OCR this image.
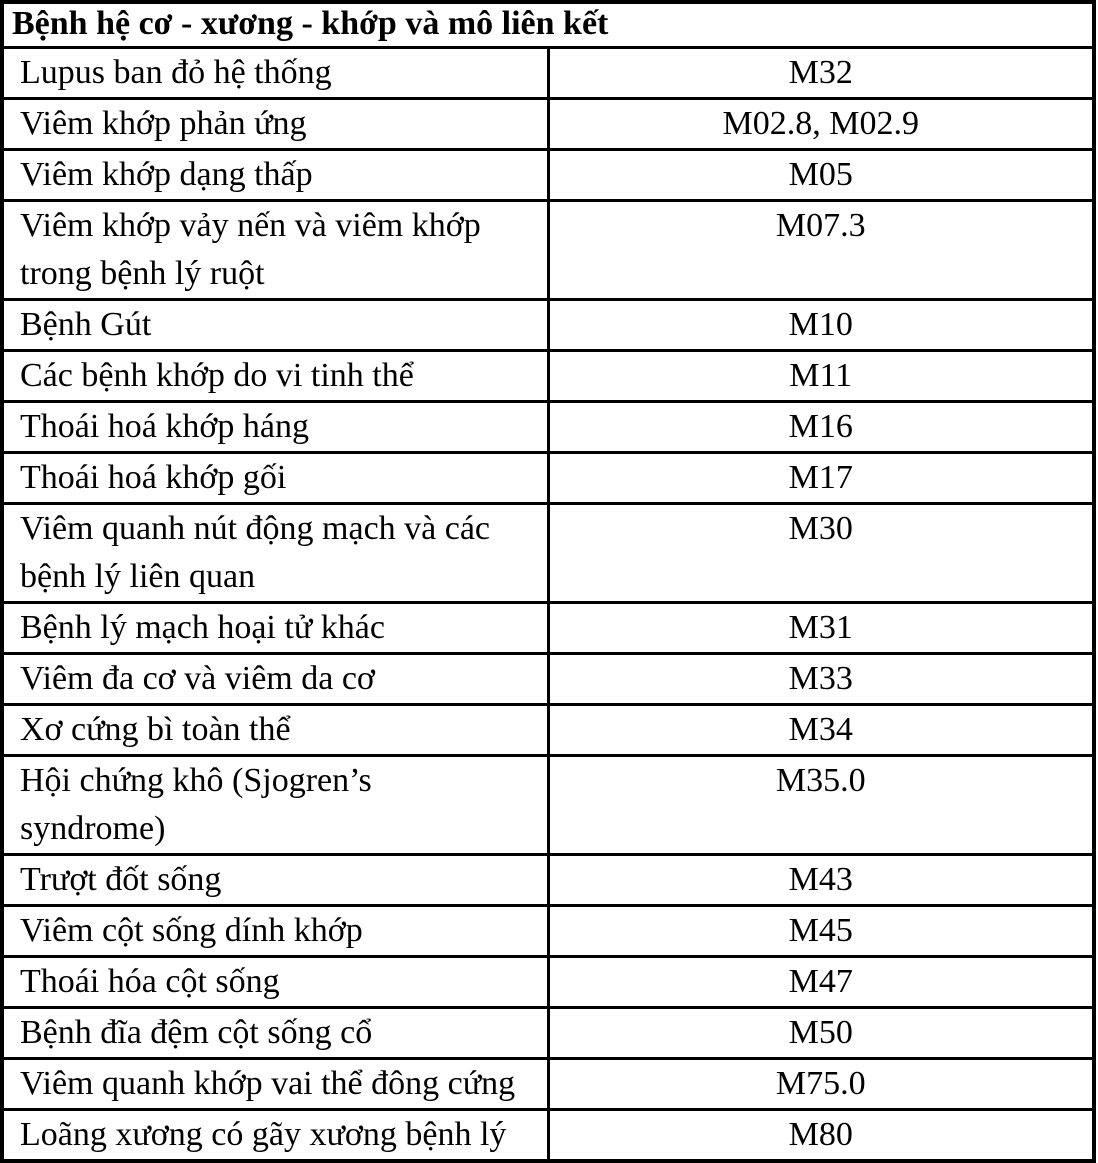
Bệnh hệ cơ - xương - khớp và mô liên kết	
Lupus ban đỏ hệ thống	M32
Viêm khớp phản ứng	M02.8, M02.9
Viêm khớp dạng thấp	M05
Viêm khớp vảy nến và viêm khớp trong bệnh lý ruột	M07.3
Bệnh Gút	M10
Các bệnh khớp do vi tinh thể	M11
Thoái hoá khớp háng	M16
Thoái hoá khớp gối	M17
Viêm quanh nút động mạch và các bệnh lý liên quan	M30
Bệnh lý mạch hoại tử khác	M31
Viêm đa cơ và viêm da cơ	M33
Xơ cứng bì toàn thể	M34
Hội chứng khô (Sjogren’s syndrome)	M35.0
Trượt đốt sống	M43
Viêm cột sống dính khớp	M45
Thoái hóa cột sống	M47
Bệnh đĩa đệm cột sống cổ	M50
Viêm quanh khớp vai thể đông cứng	M75.0
Loãng xương có gãy xương bệnh lý	M80
